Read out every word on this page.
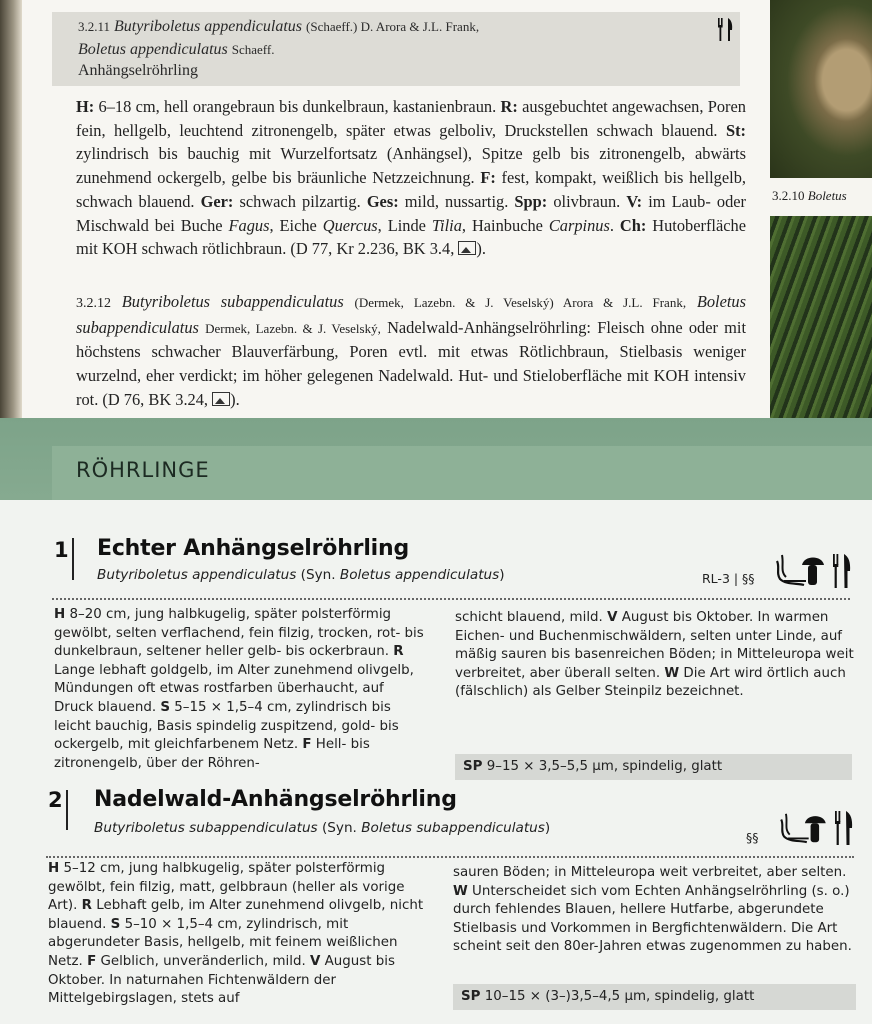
3.2.11 Butyriboletus appendiculatus (Schaeff.) D. Arora & J.L. Frank,
Boletus appendiculatus Schaeff.
Anhängselröhrling
H: 6–18 cm, hell orangebraun bis dunkelbraun, kastanienbraun. R: ausgebuchtet angewachsen, Poren fein, hellgelb, leuchtend zitronengelb, später etwas gelboliv, Druckstellen schwach blauend. St: zylindrisch bis bauchig mit Wurzelfortsatz (Anhängsel), Spitze gelb bis zitronengelb, abwärts zunehmend ockergelb, gelbe bis bräunliche Netzzeichnung. F: fest, kompakt, weißlich bis hellgelb, schwach blauend. Ger: schwach pilzartig. Ges: mild, nussartig. Spp: olivbraun. V: im Laub- oder Mischwald bei Buche Fagus, Eiche Quercus, Linde Tilia, Hainbuche Carpinus. Ch: Hutoberfläche mit KOH schwach rötlichbraun. (D 77, Kr 2.236, BK 3.4, ).
3.2.12 Butyriboletus subappendiculatus (Dermek, Lazebn. & J. Veselský) Arora & J.L. Frank, Boletus subappendiculatus Dermek, Lazebn. & J. Veselský, Nadelwald-Anhängselröhrling: Fleisch ohne oder mit höchstens schwacher Blauverfärbung, Poren evtl. mit etwas Rötlichbraun, Stielbasis weniger wurzelnd, eher verdickt; im höher gelegenen Nadelwald. Hut- und Stieloberfläche mit KOH intensiv rot. (D 76, BK 3.24, ).
3.2.10 Boletus
RÖHRLINGE
1 Echter Anhängselröhrling
Butyriboletus appendiculatus (Syn. Boletus appendiculatus)	RL-3 | §§
H 8–20 cm, jung halbkugelig, später polsterförmig gewölbt, selten verflachend, fein filzig, trocken, rot- bis dunkelbraun, seltener heller gelb- bis ockerbraun. R Lange lebhaft goldgelb, im Alter zunehmend olivgelb, Mündungen oft etwas rostfarben überhaucht, auf Druck blauend. S 5–15 × 1,5–4 cm, zylindrisch bis leicht bauchig, Basis spindelig zuspitzend, gold- bis ockergelb, mit gleichfarbenem Netz. F Hell- bis zitronengelb, über der Röhren-
schicht blauend, mild. V August bis Oktober. In warmen Eichen- und Buchenmischwäldern, selten unter Linde, auf mäßig sauren bis basenreichen Böden; in Mitteleuropa weit verbreitet, aber überall selten. W Die Art wird örtlich auch (fälschlich) als Gelber Steinpilz bezeichnet.
SP 9–15 × 3,5–5,5 µm, spindelig, glatt
2 Nadelwald-Anhängselröhrling
Butyriboletus subappendiculatus (Syn. Boletus subappendiculatus)
§§
H 5–12 cm, jung halbkugelig, später polsterförmig gewölbt, fein filzig, matt, gelbbraun (heller als vorige Art). R Lebhaft gelb, im Alter zunehmend olivgelb, nicht blauend. S 5–10 × 1,5–4 cm, zylindrisch, mit abgerundeter Basis, hellgelb, mit feinem weißlichen Netz. F Gelblich, unveränderlich, mild. V August bis Oktober. In naturnahen Fichtenwäldern der Mittelgebirgslagen, stets auf
sauren Böden; in Mitteleuropa weit verbreitet, aber selten. W Unterscheidet sich vom Echten Anhängselröhrling (s. o.) durch fehlendes Blauen, hellere Hutfarbe, abgerundete Stielbasis und Vorkommen in Bergfichtenwäldern. Die Art scheint seit den 80er-Jahren etwas zugenommen zu haben.
SP 10–15 × (3–)3,5–4,5 µm, spindelig, glatt
